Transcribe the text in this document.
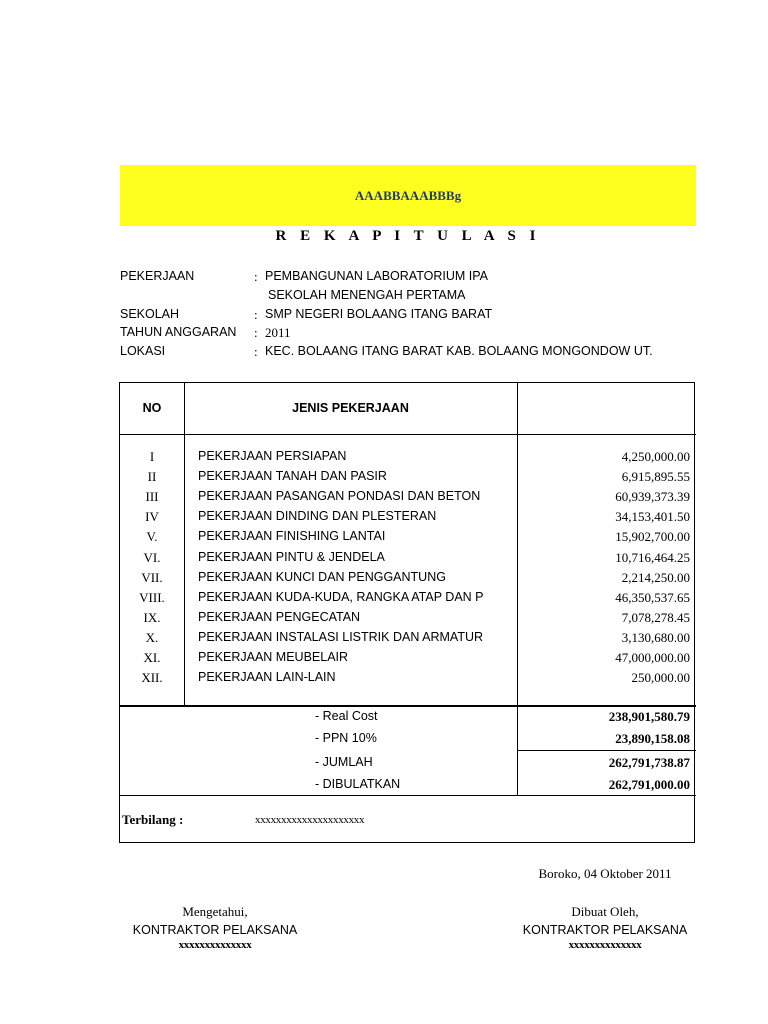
AAABBAAABBBg
R E K A P I T U L A S I
PEKERJAAN	: PEMBANGUNAN LABORATORIUM IPA
SEKOLAH MENENGAH PERTAMA
SEKOLAH	: SMP NEGERI BOLAANG ITANG BARAT
TAHUN ANGGARAN : 2011
LOKASI	: KEC. BOLAANG ITANG BARAT KAB. BOLAANG MONGONDOW UT.
NO	JENIS PEKERJAAN
I	PEKERJAAN PERSIAPAN	4,250,000.00
II	PEKERJAAN TANAH DAN PASIR	6,915,895.55
III	PEKERJAAN PASANGAN PONDASI DAN BETON	60,939,373.39
IV	PEKERJAAN DINDING DAN PLESTERAN	34,153,401.50
V.	PEKERJAAN FINISHING LANTAI	15,902,700.00
VI.	PEKERJAAN PINTU & JENDELA	10,716,464.25
VII.	PEKERJAAN KUNCI DAN PENGGANTUNG	2,214,250.00
VIII.	PEKERJAAN KUDA-KUDA, RANGKA ATAP DAN P	46,350,537.65
IX.	PEKERJAAN PENGECATAN	7,078,278.45
X.	PEKERJAAN INSTALASI LISTRIK DAN ARMATUR	3,130,680.00
XI.	PEKERJAAN MEUBELAIR	47,000,000.00
XII.	PEKERJAAN LAIN-LAIN	250,000.00
- Real Cost	238,901,580.79
- PPN 10%	23,890,158.08
- JUMLAH	262,791,738.87
- DIBULATKAN	262,791,000.00
Terbilang :	xxxxxxxxxxxxxxxxxxxxx
Boroko, 04 Oktober 2011
Mengetahui,
KONTRAKTOR PELAKSANA
xxxxxxxxxxxxxx
Dibuat Oleh,
KONTRAKTOR PELAKSANA
xxxxxxxxxxxxxx
